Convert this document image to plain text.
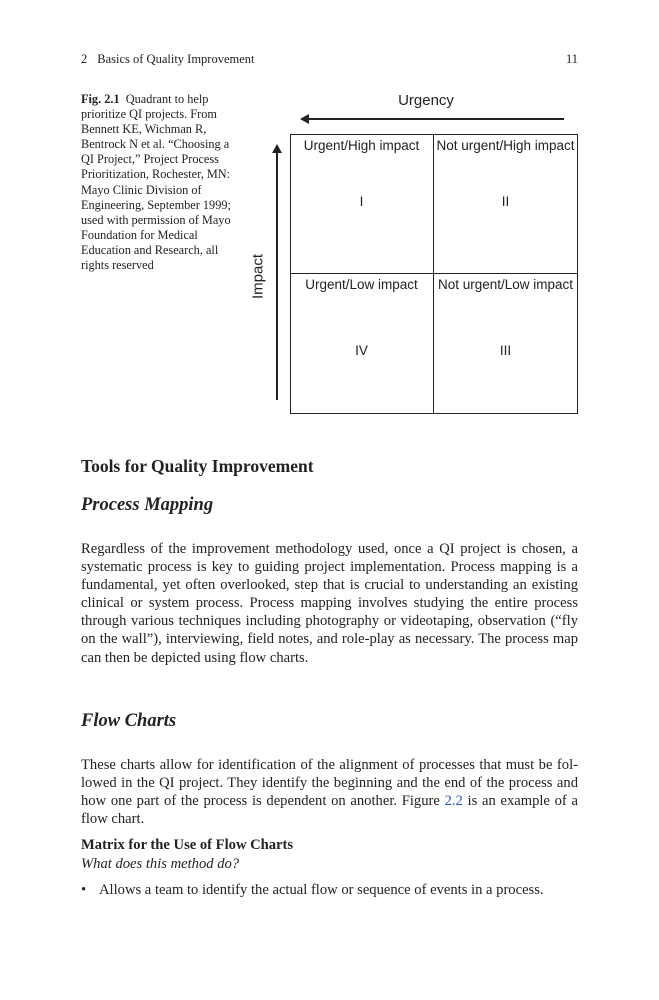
2 Basics of Quality Improvement	11
Fig. 2.1 Quadrant to help prioritize QI projects. From Bennett KE, Wichman R, Bentrock N et al. “Choosing a QI Project,” Project Process Prioritization, Rochester, MN: Mayo Clinic Division of Engineering, September 1999; used with permission of Mayo Foundation for Medical Education and Research, all rights reserved
Urgency
Impact
Urgent/High impact
I
Not urgent/High impact
II
Urgent/Low impact
IV
Not urgent/Low impact
III
Tools for Quality Improvement
Process Mapping
Regardless of the improvement methodology used, once a QI project is chosen, a systematic process is key to guiding project implementation. Process mapping is a fundamental, yet often overlooked, step that is crucial to understanding an existing clinical or system process. Process mapping involves studying the entire process through various techniques including photography or videotaping, observation (“fly on the wall”), interviewing, field notes, and role-play as necessary. The process map can then be depicted using flow charts.
Flow Charts
These charts allow for identification of the alignment of processes that must be fol-lowed in the QI project. They identify the beginning and the end of the process and how one part of the process is dependent on another. Figure 2.2 is an example of a flow chart.
Matrix for the Use of Flow Charts
What does this method do?
• Allows a team to identify the actual flow or sequence of events in a process.
